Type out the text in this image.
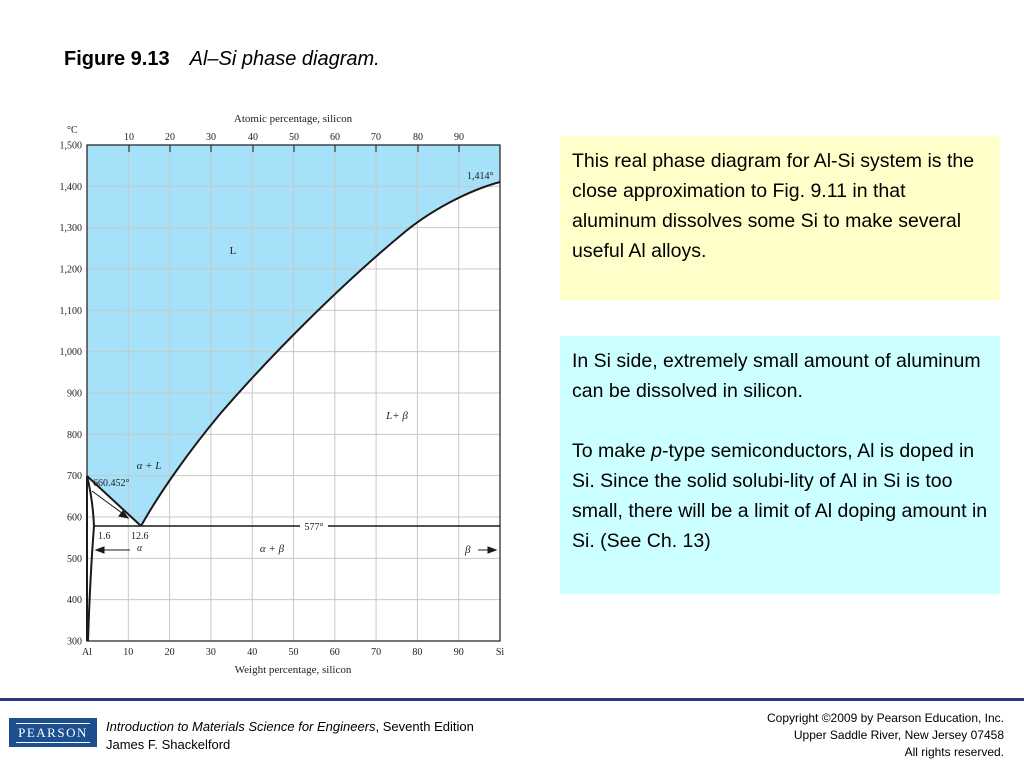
Figure 9.13 Al–Si phase diagram.
1,500
1,400
1,300
1,200
1,100
1,000
900
800
700
600
500
400
300
10	20	30	40	50	60	70	80	90
Al	10	20	30	40	50	60	70	80	90	Si
Atomic percentage, silicon
°C
Weight percentage, silicon
L
L+ β
α + L
α + β
660.452°
1,414°
577°
1.6 12.6
α	β
This real phase diagram for Al-Si system is the close approximation to Fig. 9.11 in that aluminum dissolves some Si to make several useful Al alloys.

In Si side, extremely small amount of aluminum can be dissolved in silicon.

To make p-type semiconductors, Al is doped in Si. Since the solid solubi-lity of Al in Si is too small, there will be a limit of Al doping amount in Si. (See Ch. 13)

PEARSON Introduction to Materials Science for Engineers, Seventh Edition
James F. Shackelford
Copyright ©2009 by Pearson Education, Inc.
Upper Saddle River, New Jersey 07458
All rights reserved.
